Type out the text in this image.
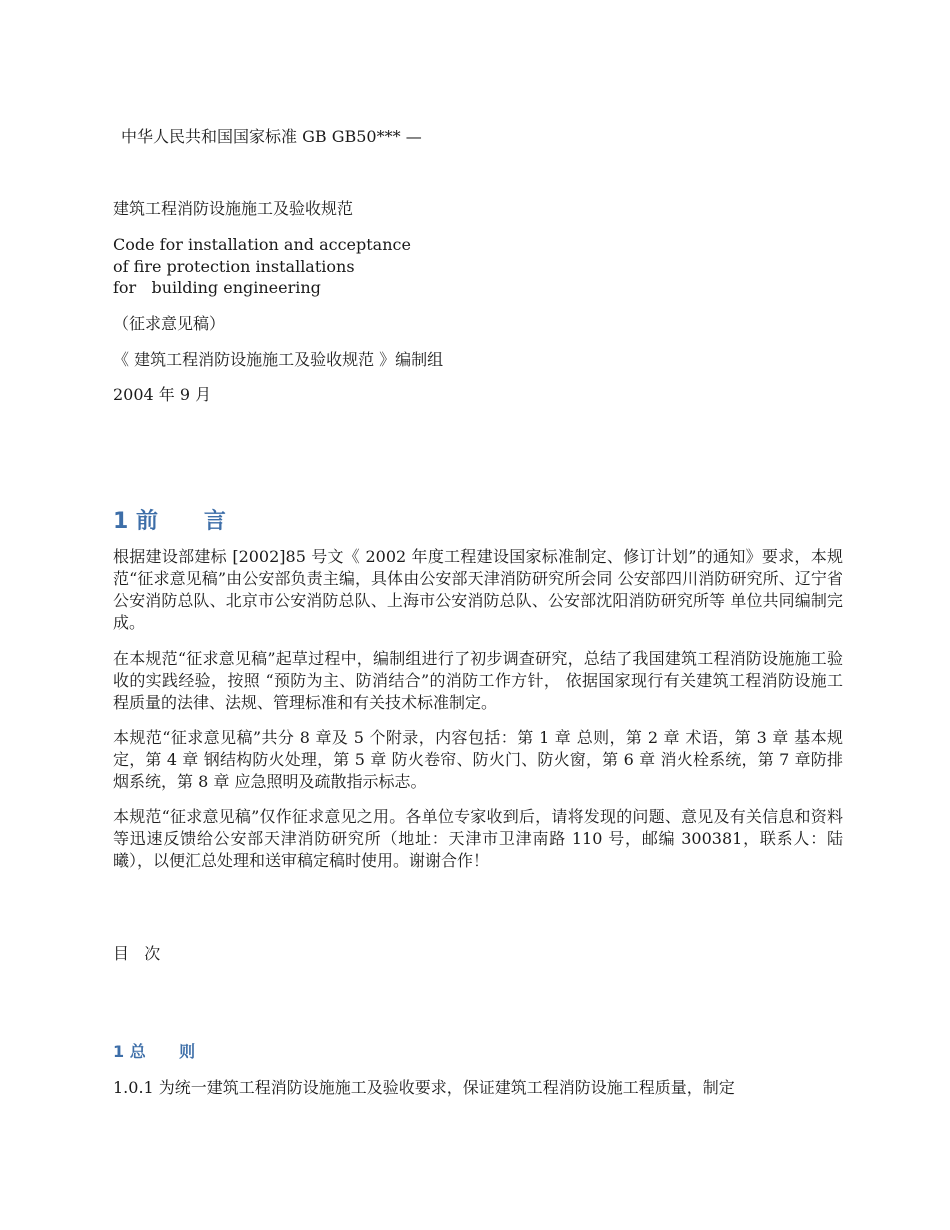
中华人民共和国国家标准 GB GB50*** —
建筑工程消防设施施工及验收规范
Code for installation and acceptance
of fire protection installations
for   building engineering
（征求意见稿）
《 建筑工程消防设施施工及验收规范 》编制组
2004 年 9 月
1 前      言
根据建设部建标 [2002]85 号文《 2002 年度工程建设国家标准制定、修订计划”的通知》要求，本规范“征求意见稿”由公安部负责主编，具体由公安部天津消防研究所会同 公安部四川消防研究所、辽宁省公安消防总队、北京市公安消防总队、上海市公安消防总队、公安部沈阳消防研究所等 单位共同编制完成。
在本规范“征求意见稿”起草过程中，编制组进行了初步调查研究，总结了我国建筑工程消防设施施工验收的实践经验，按照 “预防为主、防消结合”的消防工作方针， 依据国家现行有关建筑工程消防设施工程质量的法律、法规、管理标准和有关技术标准制定。
本规范“征求意见稿”共分 8 章及 5 个附录，内容包括：第 1 章 总则，第 2 章 术语，第 3 章 基本规定，第 4 章 钢结构防火处理，第 5 章 防火卷帘、防火门、防火窗，第 6 章 消火栓系统，第 7 章防排烟系统，第 8 章 应急照明及疏散指示标志。
本规范“征求意见稿”仅作征求意见之用。各单位专家收到后，请将发现的问题、意见及有关信息和资料等迅速反馈给公安部天津消防研究所（地址：天津市卫津南路 110 号，邮编 300381，联系人：陆 曦），以便汇总处理和送审稿定稿时使用。谢谢合作！
目   次
1 总      则
1.0.1 为统一建筑工程消防设施施工及验收要求，保证建筑工程消防设施工程质量，制定
